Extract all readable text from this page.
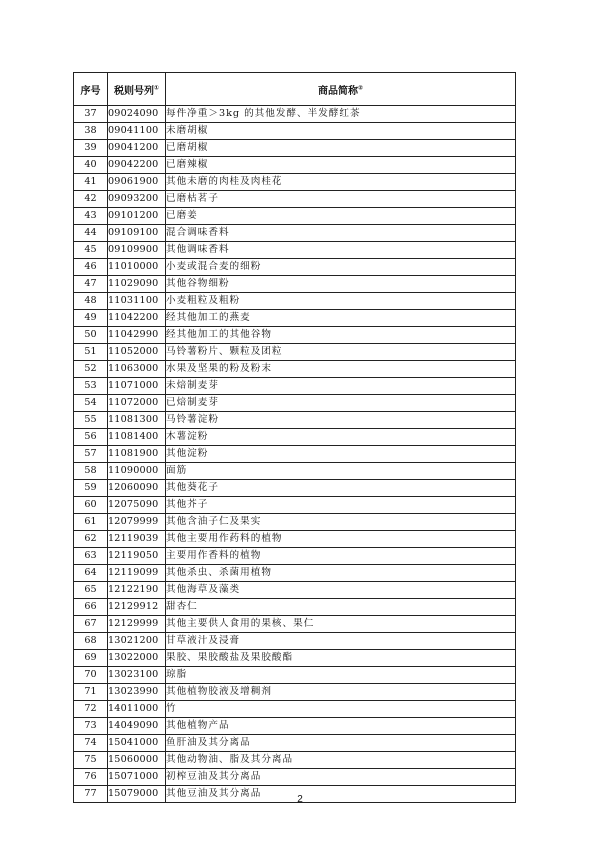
序号	税则号列①	商品简称②
37	09024090	每件净重＞3kg 的其他发酵、半发酵红茶
38	09041100	未磨胡椒
39	09041200	已磨胡椒
40	09042200	已磨辣椒
41	09061900	其他未磨的肉桂及肉桂花
42	09093200	已磨枯茗子
43	09101200	已磨姜
44	09109100	混合调味香料
45	09109900	其他调味香料
46	11010000	小麦或混合麦的细粉
47	11029090	其他谷物细粉
48	11031100	小麦粗粒及粗粉
49	11042200	经其他加工的燕麦
50	11042990	经其他加工的其他谷物
51	11052000	马铃薯粉片、颗粒及团粒
52	11063000	水果及坚果的粉及粉末
53	11071000	未焙制麦芽
54	11072000	已焙制麦芽
55	11081300	马铃薯淀粉
56	11081400	木薯淀粉
57	11081900	其他淀粉
58	11090000	面筋
59	12060090	其他葵花子
60	12075090	其他芥子
61	12079999	其他含油子仁及果实
62	12119039	其他主要用作药料的植物
63	12119050	主要用作香料的植物
64	12119099	其他杀虫、杀菌用植物
65	12122190	其他海草及藻类
66	12129912	甜杏仁
67	12129999	其他主要供人食用的果核、果仁
68	13021200	甘草液汁及浸膏
69	13022000	果胶、果胶酸盐及果胶酸酯
70	13023100	琼脂
71	13023990	其他植物胶液及增稠剂
72	14011000	竹
73	14049090	其他植物产品
74	15041000	鱼肝油及其分离品
75	15060000	其他动物油、脂及其分离品
76	15071000	初榨豆油及其分离品
77	15079000	其他豆油及其分离品
2
